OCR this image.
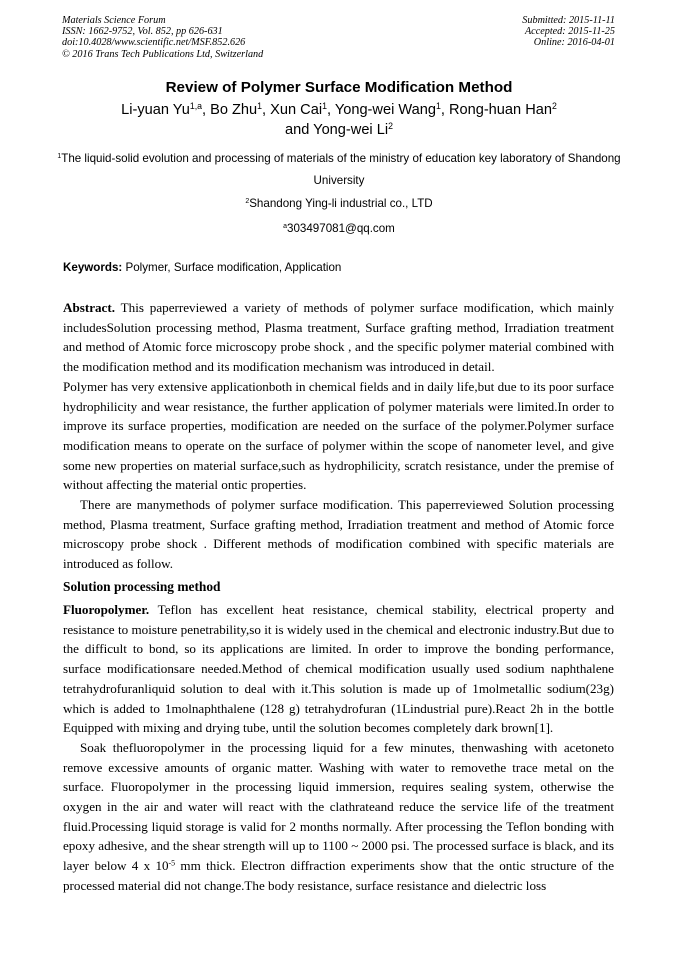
Materials Science Forum
ISSN: 1662-9752, Vol. 852, pp 626-631
doi:10.4028/www.scientific.net/MSF.852.626
© 2016 Trans Tech Publications Ltd, Switzerland
Submitted: 2015-11-11
Accepted: 2015-11-25
Online: 2016-04-01
Review of Polymer Surface Modification Method
Li-yuan Yu$^{1,a}$, Bo Zhu$^1$, Xun Cai$^1$, Yong-wei Wang$^1$, Rong-huan Han$^2$
and Yong-wei Li$^2$
$^1$The liquid-solid evolution and processing of materials of the ministry of education key laboratory of Shandong University
$^2$Shandong Ying-li industrial co., LTD
$^a$303497081@qq.com
Keywords: Polymer, Surface modification, Application

Abstract. This paperreviewed a variety of methods of polymer surface modification, which mainly includesSolution processing method, Plasma treatment, Surface grafting method, Irradiation treatment and method of Atomic force microscopy probe shock , and the specific polymer material combined with the modification method and its modification mechanism was introduced in detail.

Polymer has very extensive applicationboth in chemical fields and in daily life,but due to its poor surface hydrophilicity and wear resistance, the further application of polymer materials were limited.In order to improve its surface properties, modification are needed on the surface of the polymer.Polymer surface modification means to operate on the surface of polymer within the scope of nanometer level, and give some new properties on material surface,such as hydrophilicity, scratch resistance, under the premise of without affecting the material ontic properties.

There are manymethods of polymer surface modification. This paperreviewed Solution processing method, Plasma treatment, Surface grafting method, Irradiation treatment and method of Atomic force microscopy probe shock . Different methods of modification combined with specific materials are introduced as follow.

Solution processing method

Fluoropolymer. Teflon has excellent heat resistance, chemical stability, electrical property and resistance to moisture penetrability,so it is widely used in the chemical and electronic industry.But due to the difficult to bond, so its applications are limited. In order to improve the bonding performance, surface modificationsare needed.Method of chemical modification usually used sodium naphthalene tetrahydrofuranliquid solution to deal with it.This solution is made up of 1molmetallic sodium(23g) which is added to 1molnaphthalene (128 g) tetrahydrofuran (1Lindustrial pure).React 2h in the bottle Equipped with mixing and drying tube, until the solution becomes completely dark brown[1].

Soak thefluoropolymer in the processing liquid for a few minutes, thenwashing with acetoneto remove excessive amounts of organic matter. Washing with water to removethe trace metal on the surface. Fluoropolymer in the processing liquid immersion, requires sealing system, otherwise the oxygen in the air and water will react with the clathrateand reduce the service life of the treatment fluid.Processing liquid storage is valid for 2 months normally. After processing the Teflon bonding with epoxy adhesive, and the shear strength will up to 1100 ~ 2000 psi. The processed surface is black, and its layer below 4 x $10^{-5}$ mm thick. Electron diffraction experiments show that the ontic structure of the processed material did not change.The body resistance, surface resistance and dielectric loss
